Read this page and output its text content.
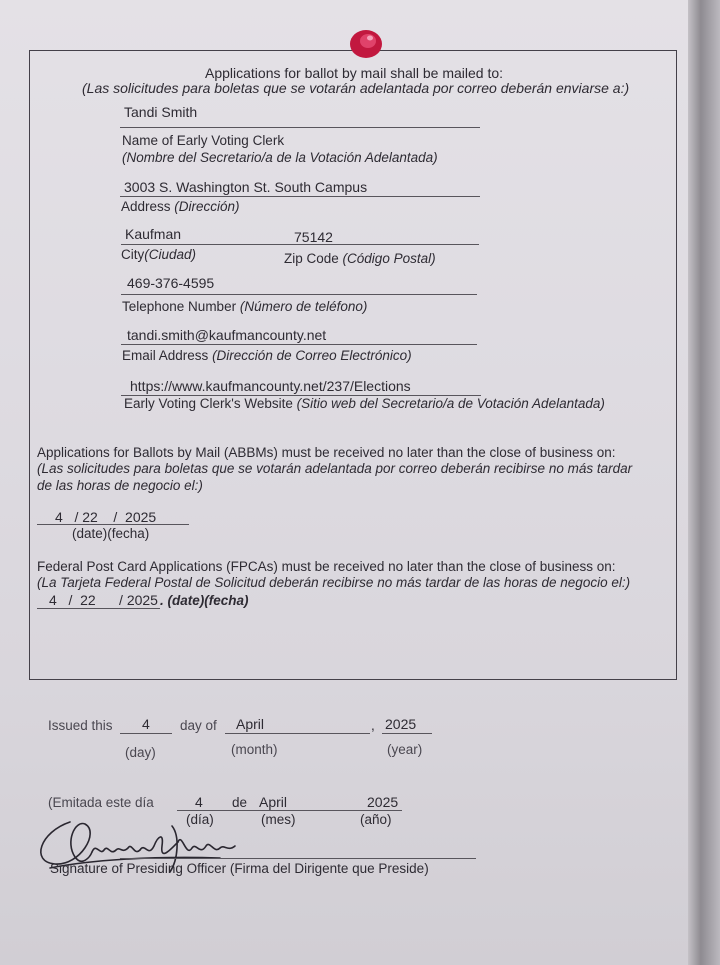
Applications for ballot by mail shall be mailed to:
(Las solicitudes para boletas que se votarán adelantada por correo deberán enviarse a:)
Tandi Smith
Name of Early Voting Clerk
(Nombre del Secretario/a de la Votación Adelantada)
3003 S. Washington St. South Campus
Address (Dirección)
Kaufman	75142
City(Ciudad)	Zip Code (Código Postal)
469-376-4595
Telephone Number (Número de teléfono)
tandi.smith@kaufmancounty.net
Email Address (Dirección de Correo Electrónico)
https://www.kaufmancounty.net/237/Elections
Early Voting Clerk's Website (Sitio web del Secretario/a de Votación Adelantada)
Applications for Ballots by Mail (ABBMs) must be received no later than the close of business on:
(Las solicitudes para boletas que se votarán adelantada por correo deberán recibirse no más tardar
de las horas de negocio el:)
4   / 22    /  2025
(date)(fecha)
Federal Post Card Applications (FPCAs) must be received no later than the close of business on:
(La Tarjeta Federal Postal de Solicitud deberán recibirse no más tardar de las horas de negocio el:)
4   /  22      / 2025 . (date)(fecha)
Issued this 4 day of April	, 2025
(day)	(month)	(year)
(Emitada este día	4 de April	2025
(día)	(mes)	(año)
Signature of Presiding Officer (Firma del Dirigente que Preside)
